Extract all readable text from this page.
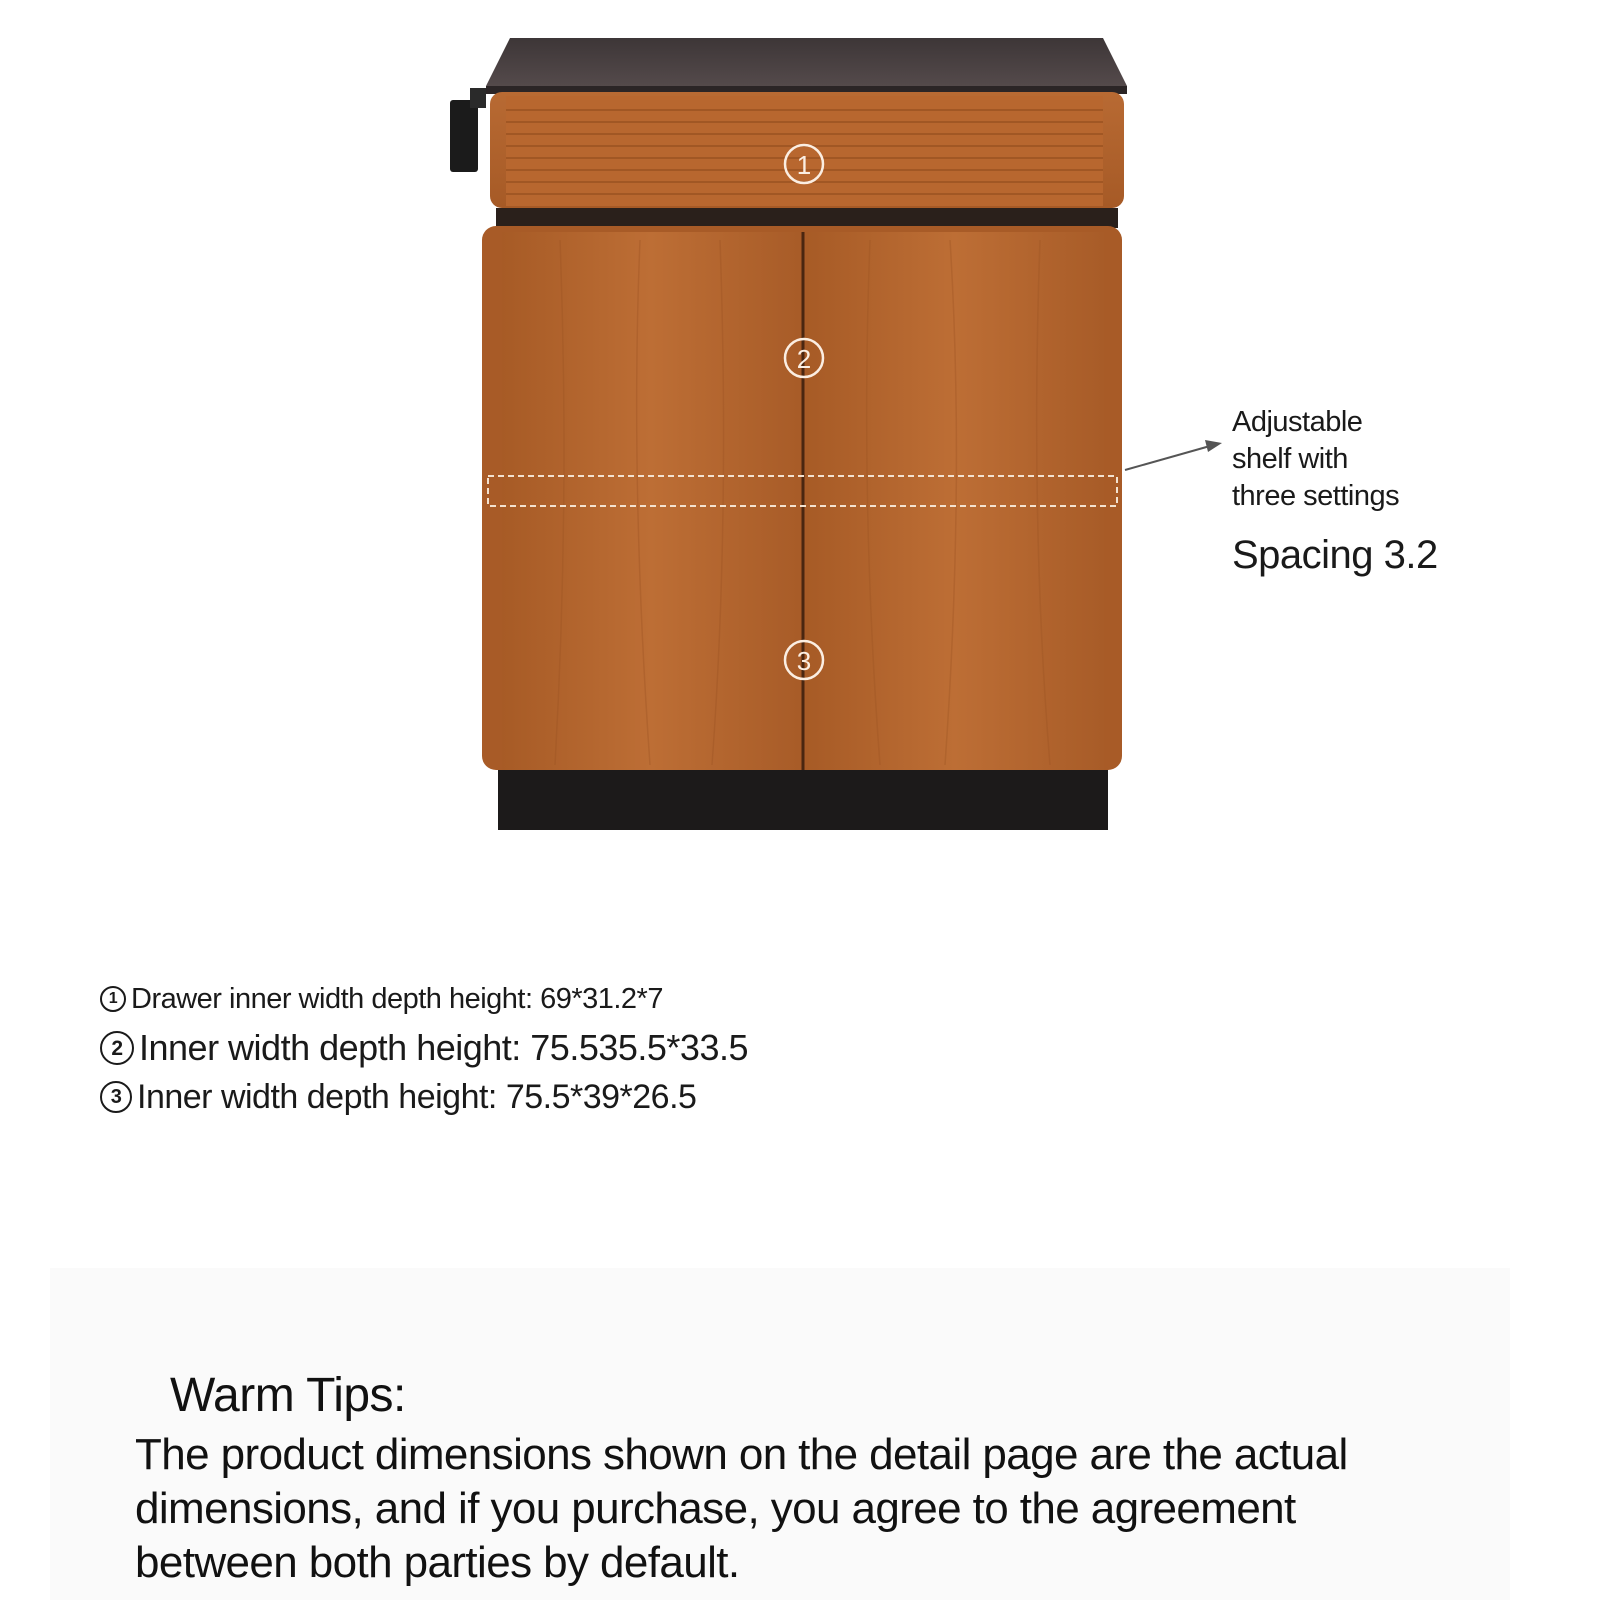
1
2
3
Adjustable
shelf with
three settings
Spacing 3.2
1 Drawer inner width depth height: 69*31.2*7
2 Inner width depth height: 75.535.5*33.5
3 Inner width depth height: 75.5*39*26.5
Warm Tips:
The product dimensions shown on the detail page are the actual dimensions, and if you purchase, you agree to the agreement between both parties by default.
